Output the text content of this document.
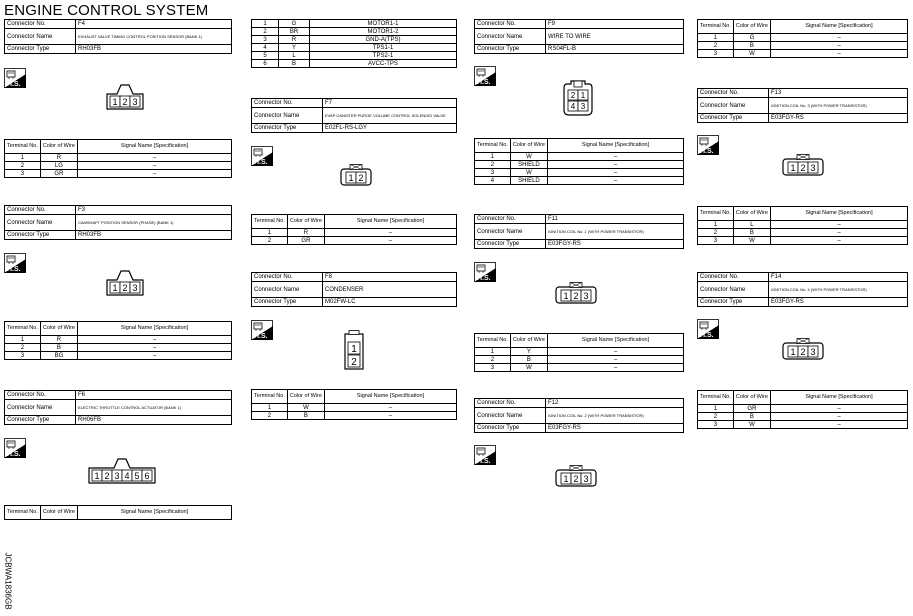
ENGINE CONTROL SYSTEM
JCBWA1836GB
Connector No.	F4
Connector Name	EXHAUST VALVE TIMING CONTROL POSITION SENSOR (BANK 1)
Connector Type	RH03FB
H.S.
1 2 3
Terminal No.	Color of Wire	Signal Name [Specification]
1	R	–
2	LG	–
3	GR	–
Connector No.	F3
Connector Name	CAMSHAFT POSITION SENSOR (PHASE) (BANK 1)
Connector Type	RH03FB
H.S.
1 2 3
Terminal No.	Color of Wire	Signal Name [Specification]
1	R	–
2	B	–
3	BG	–
Connector No.	F6
Connector Name	ELECTRIC THROTTLE CONTROL ACTUATOR (BANK 1)
Connector Type	RH06FB
H.S.
1 2 3 4 5 6
Terminal No.	Color of Wire	Signal Name [Specification]
1	G	MOTOR1-1
2	BR	MOTOR1-2
3	R	GND-A(TPS)
4	Y	TPS1-1
5	L	TPS2-1
6	B	AVCC-TPS
Connector No.	F7
Connector Name	EVAP CANISTER PURGE VOLUME CONTROL SOLENOID VALVE
Connector Type	E02FL-RS-LGY
H.S.
1 2
Terminal No.	Color of Wire	Signal Name [Specification]
1	R	–
2	GR	–
Connector No.	F8
Connector Name	CONDENSER
Connector Type	M02FW-LC
H.S.
1
2
Terminal No.	Color of Wire	Signal Name [Specification]
1	W	–
2	B	–
Connector No.	F9
Connector Name	WIRE TO WIRE
Connector Type	RS04FL-B
H.S.
2 1
4 3
Terminal No.	Color of Wire	Signal Name [Specification]
1	W	–
2	SHIELD	–
3	W	–
4	SHIELD	–
Connector No.	F11
Connector Name	IGNITION COIL No. 1 (WITH POWER TRANSISTOR)
Connector Type	E03FGY-RS
H.S.
1 2 3
Terminal No.	Color of Wire	Signal Name [Specification]
1	Y	–
2	B	–
3	W	–
Connector No.	F12
Connector Name	IGNITION COIL No. 2 (WITH POWER TRANSISTOR)
Connector Type	E03FGY-RS
H.S.
1 2 3
Terminal No.	Color of Wire	Signal Name [Specification]
1	G	–
2	B	–
3	W	–
Connector No.	F13
Connector Name	IGNITION COIL No. 3 (WITH POWER TRANSISTOR)
Connector Type	E03FGY-RS
H.S.
1 2 3
Terminal No.	Color of Wire	Signal Name [Specification]
1	L	–
2	B	–
3	W	–
Connector No.	F14
Connector Name	IGNITION COIL No. 4 (WITH POWER TRANSISTOR)
Connector Type	E03FGY-RS
H.S.
1 2 3
Terminal No.	Color of Wire	Signal Name [Specification]
1	GR	–
2	B	–
3	W	–
